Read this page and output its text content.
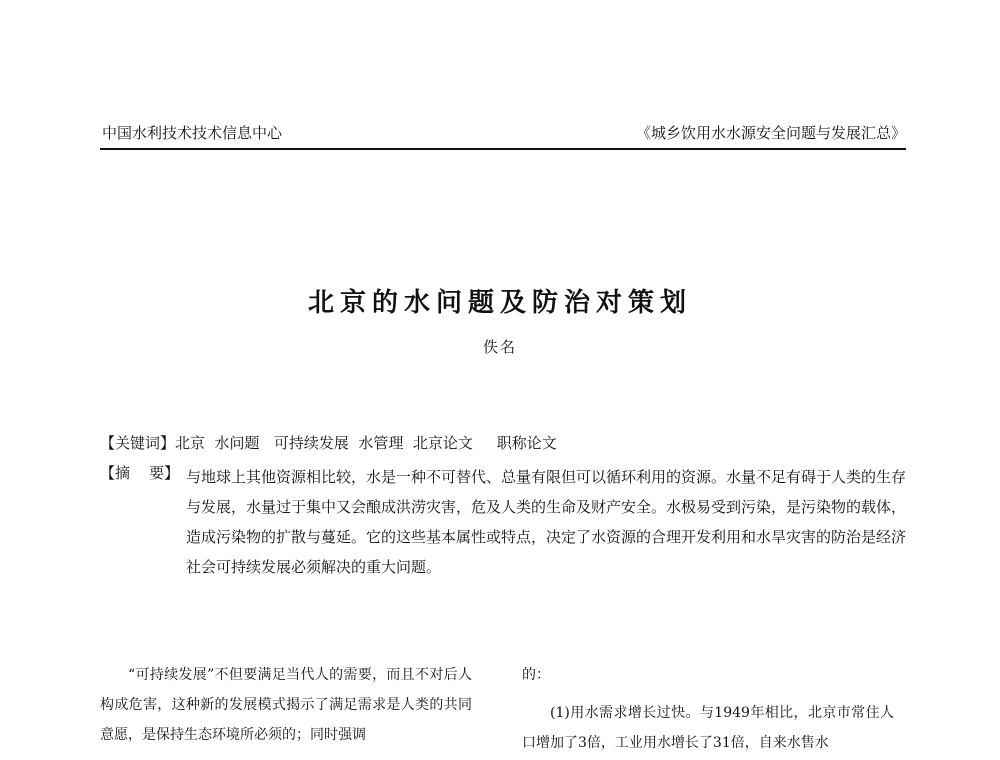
中国水利技术技术信息中心	《城乡饮用水水源安全问题与发展汇总》
北京的水问题及防治对策划
佚名
【关键词】北京  水问题   可持续发展  水管理  北京论文     职称论文
【摘    要】 与地球上其他资源相比较，水是一种不可替代、总量有限但可以循环利用的资源。水量不足有碍于人类的生存与发展，水量过于集中又会酿成洪涝灾害，危及人类的生命及财产安全。水极易受到污染，是污染物的载体，造成污染物的扩散与蔓延。它的这些基本属性或特点，决定了水资源的合理开发利用和水旱灾害的防治是经济社会可持续发展必须解决的重大问题。

“可持续发展”不但要满足当代人的需要，而且不对后人构成危害，这种新的发展模式揭示了满足需求是人类的共同意愿，是保持生态环境所必须的；同时强调

的：

(1)用水需求增长过快。与1949年相比，北京市常住人口增加了3倍，工业用水增长了31倍，自来水售水
